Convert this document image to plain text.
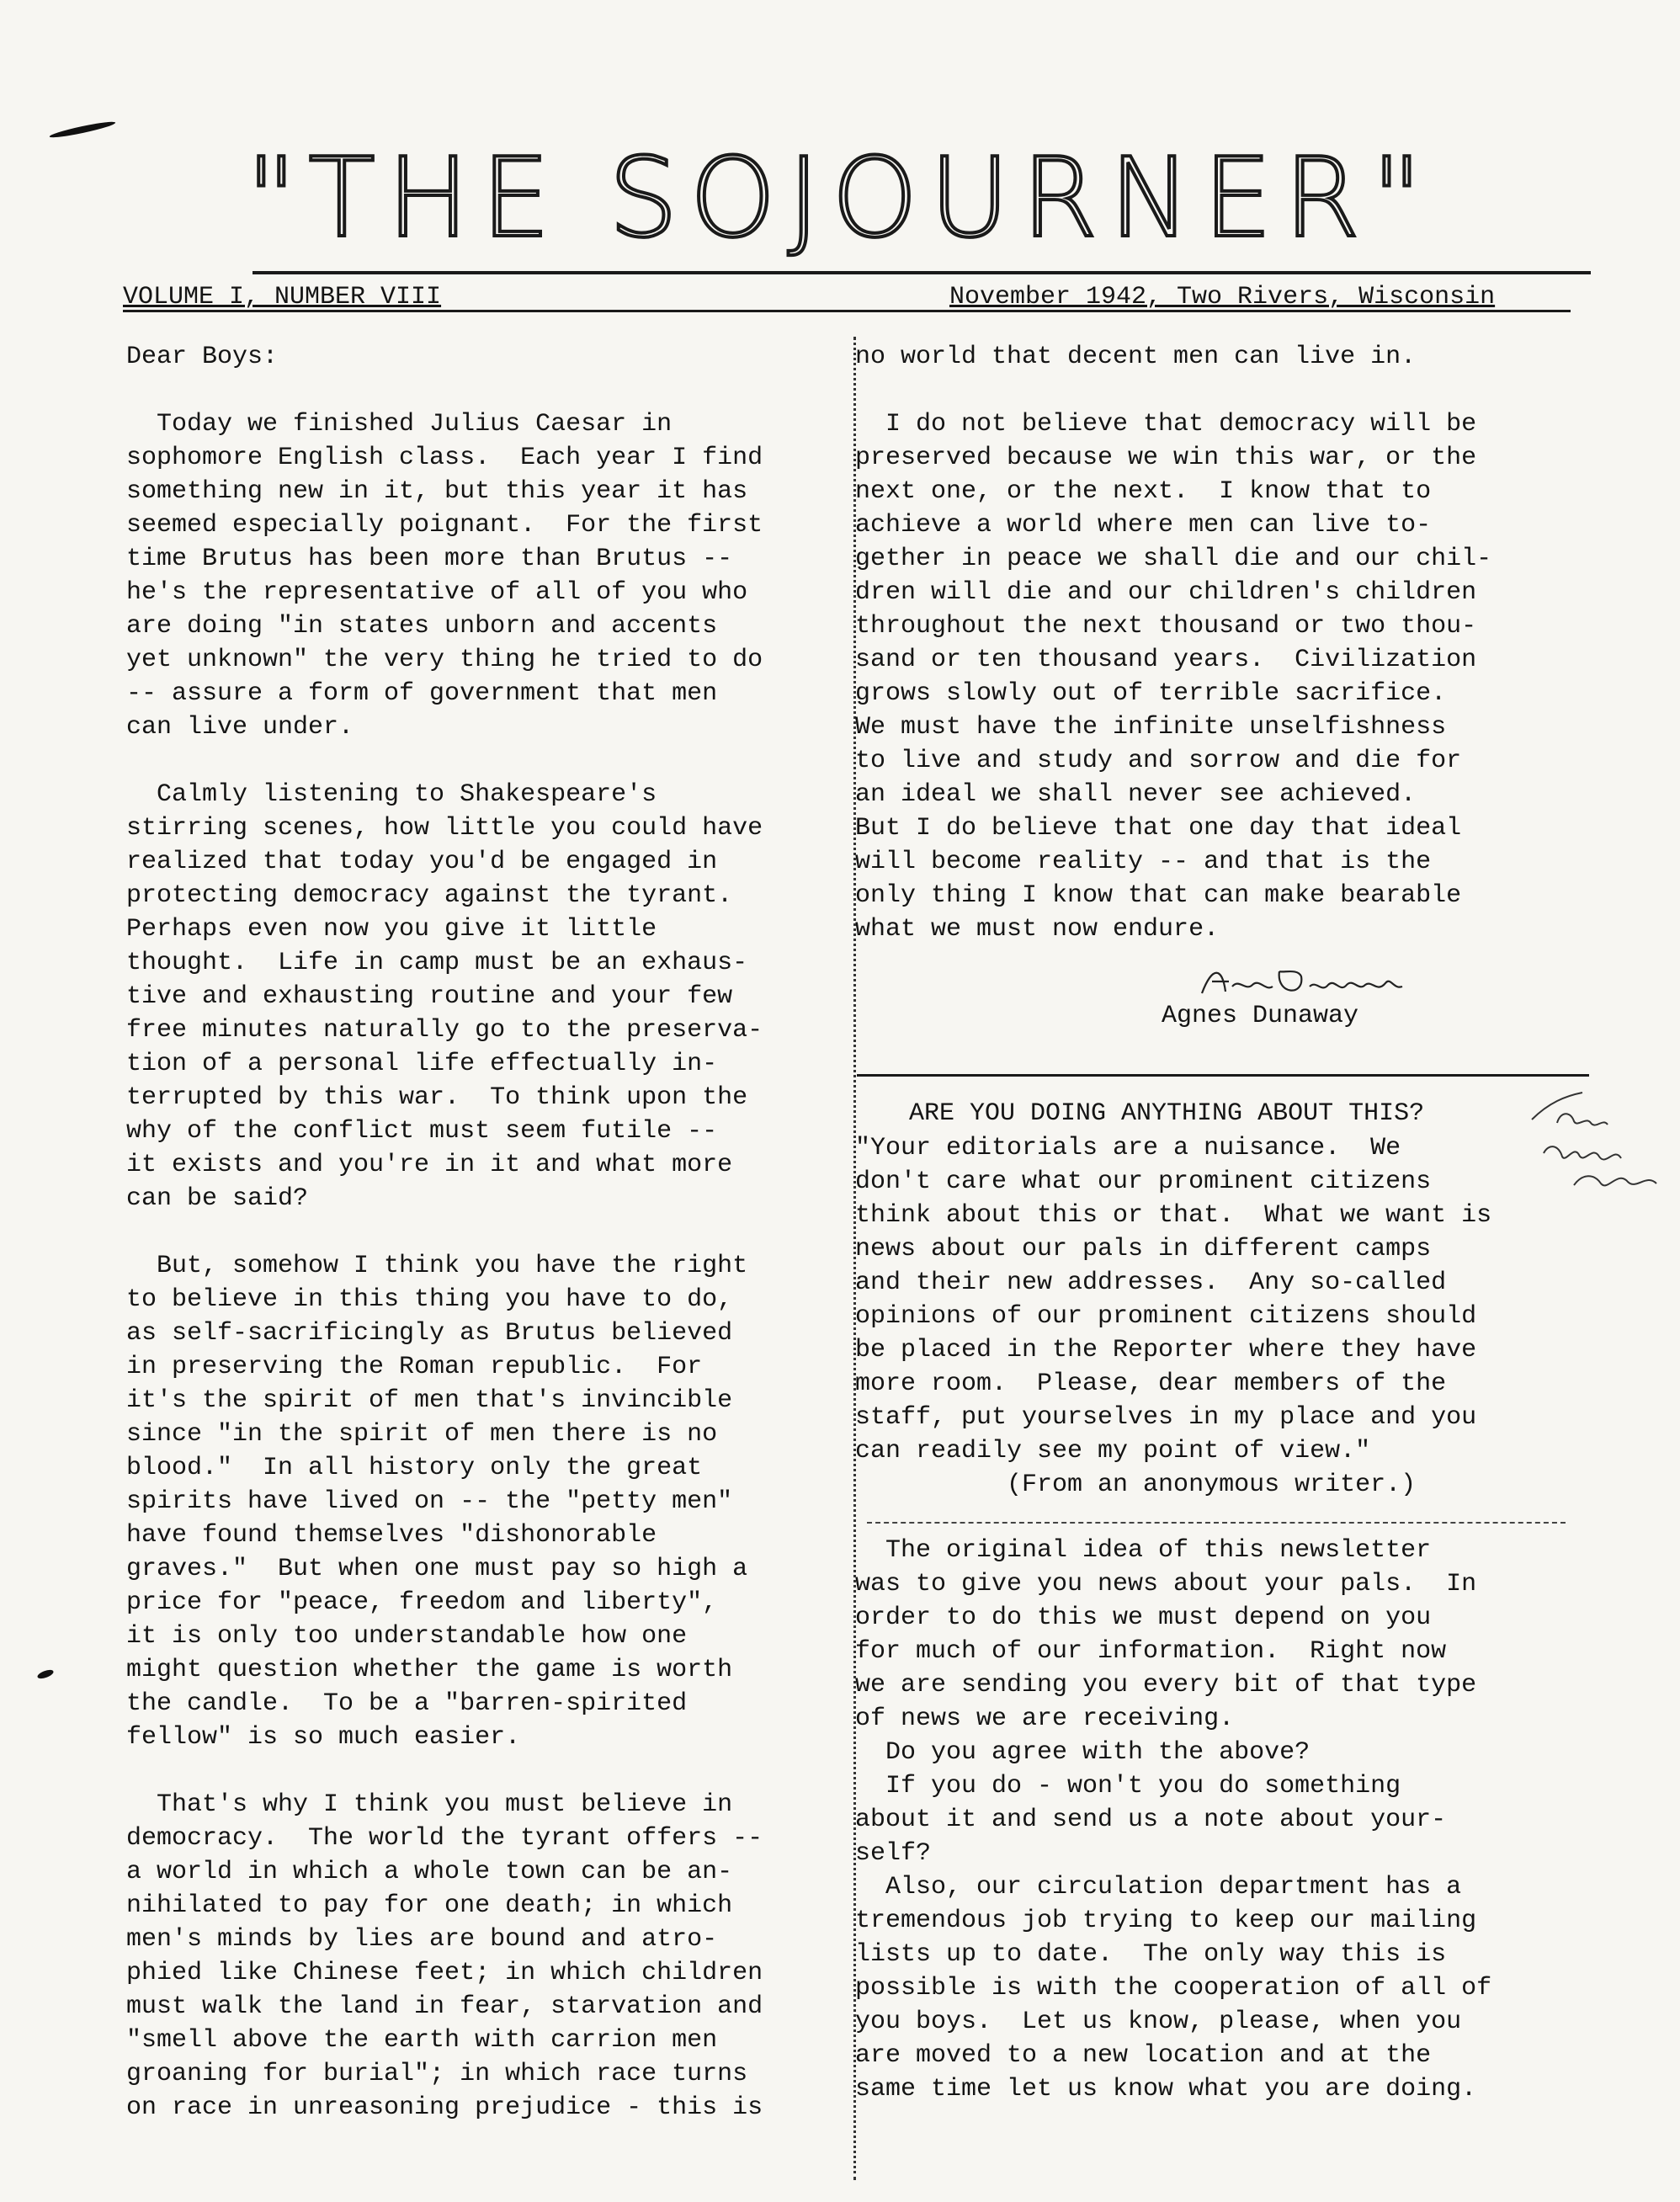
"THE SOJOURNER"
VOLUME I, NUMBER VIII	November 1942, Two Rivers, Wisconsin

Dear Boys:

Today we finished Julius Caesar in

sophomore English class.  Each year I find

something new in it, but this year it has

seemed especially poignant.  For the first

time Brutus has been more than Brutus --

he's the representative of all of you who

are doing "in states unborn and accents

yet unknown" the very thing he tried to do

-- assure a form of government that men

can live under.

Calmly listening to Shakespeare's

stirring scenes, how little you could have

realized that today you'd be engaged in

protecting democracy against the tyrant.

Perhaps even now you give it little

thought.  Life in camp must be an exhaus-

tive and exhausting routine and your few

free minutes naturally go to the preserva-

tion of a personal life effectually in-

terrupted by this war.  To think upon the

why of the conflict must seem futile --

it exists and you're in it and what more

can be said?

But, somehow I think you have the right

to believe in this thing you have to do,

as self-sacrificingly as Brutus believed

in preserving the Roman republic.  For

it's the spirit of men that's invincible

since "in the spirit of men there is no

blood."  In all history only the great

spirits have lived on -- the "petty men"

have found themselves "dishonorable

graves."  But when one must pay so high a

price for "peace, freedom and liberty",

it is only too understandable how one

might question whether the game is worth

the candle.  To be a "barren-spirited

fellow" is so much easier.

That's why I think you must believe in

democracy.  The world the tyrant offers --

a world in which a whole town can be an-

nihilated to pay for one death; in which

men's minds by lies are bound and atro-

phied like Chinese feet; in which children

must walk the land in fear, starvation and

"smell above the earth with carrion men

groaning for burial"; in which race turns

on race in unreasoning prejudice - this is

no world that decent men can live in.

I do not believe that democracy will be

preserved because we win this war, or the

next one, or the next.  I know that to

achieve a world where men can live to-

gether in peace we shall die and our chil-

dren will die and our children's children

throughout the next thousand or two thou-

sand or ten thousand years.  Civilization

grows slowly out of terrible sacrifice.

We must have the infinite unselfishness

to live and study and sorrow and die for

an ideal we shall never see achieved.

But I do believe that one day that ideal

will become reality -- and that is the

only thing I know that can make bearable

what we must now endure.

Agnes Dunaway
ARE YOU DOING ANYTHING ABOUT THIS?

"Your editorials are a nuisance.  We

don't care what our prominent citizens

think about this or that.  What we want is

news about our pals in different camps

and their new addresses.  Any so-called

opinions of our prominent citizens should

be placed in the Reporter where they have

more room.  Please, dear members of the

staff, put yourselves in my place and you

can readily see my point of view."

(From an anonymous writer.)

The original idea of this newsletter

was to give you news about your pals.  In

order to do this we must depend on you

for much of our information.  Right now

we are sending you every bit of that type

of news we are receiving.

Do you agree with the above?

If you do - won't you do something

about it and send us a note about your-

self?

Also, our circulation department has a

tremendous job trying to keep our mailing

lists up to date.  The only way this is

possible is with the cooperation of all of

you boys.  Let us know, please, when you

are moved to a new location and at the

same time let us know what you are doing.
